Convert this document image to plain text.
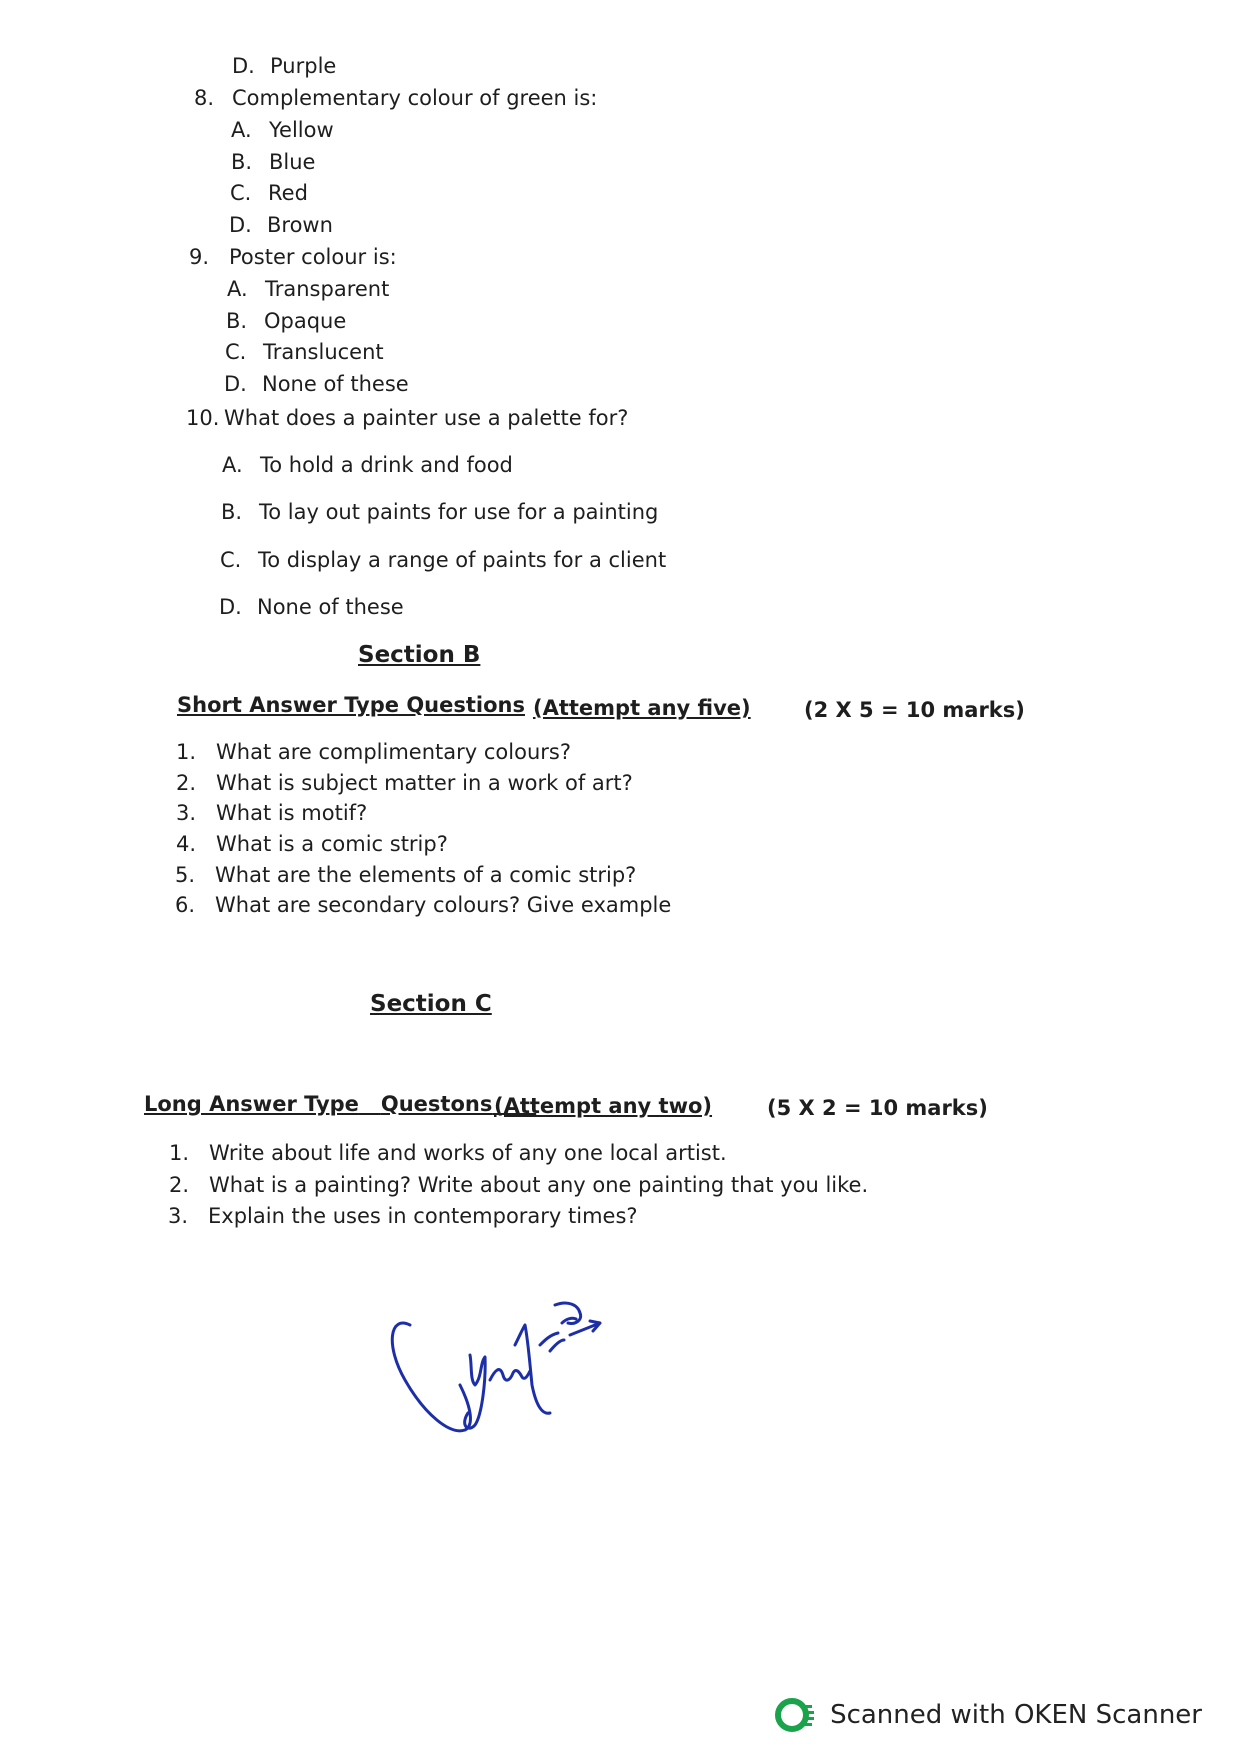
D. Purple
8. Complementary colour of green is:
A. Yellow
B. Blue
C. Red
D. Brown
9. Poster colour is:
A. Transparent
B. Opaque
C. Translucent
D. None of these
10. What does a painter use a palette for?
A. To hold a drink and food
B. To lay out paints for use for a painting
C. To display a range of paints for a client
D. None of these
Section B
Short Answer Type Questions (Attempt any five)	(2 X 5 = 10 marks)
1. What are complimentary colours?
2. What is subject matter in a work of art?
3. What is motif?
4. What is a comic strip?
5. What are the elements of a comic strip?
6. What are secondary colours? Give example
Section C
Long Answer Type Questons (Attempt any two)	(5 X 2 = 10 marks)
1. Write about life and works of any one local artist.
2. What is a painting? Write about any one painting that you like.
3. Explain the uses in contemporary times?
Scanned with OKEN Scanner
